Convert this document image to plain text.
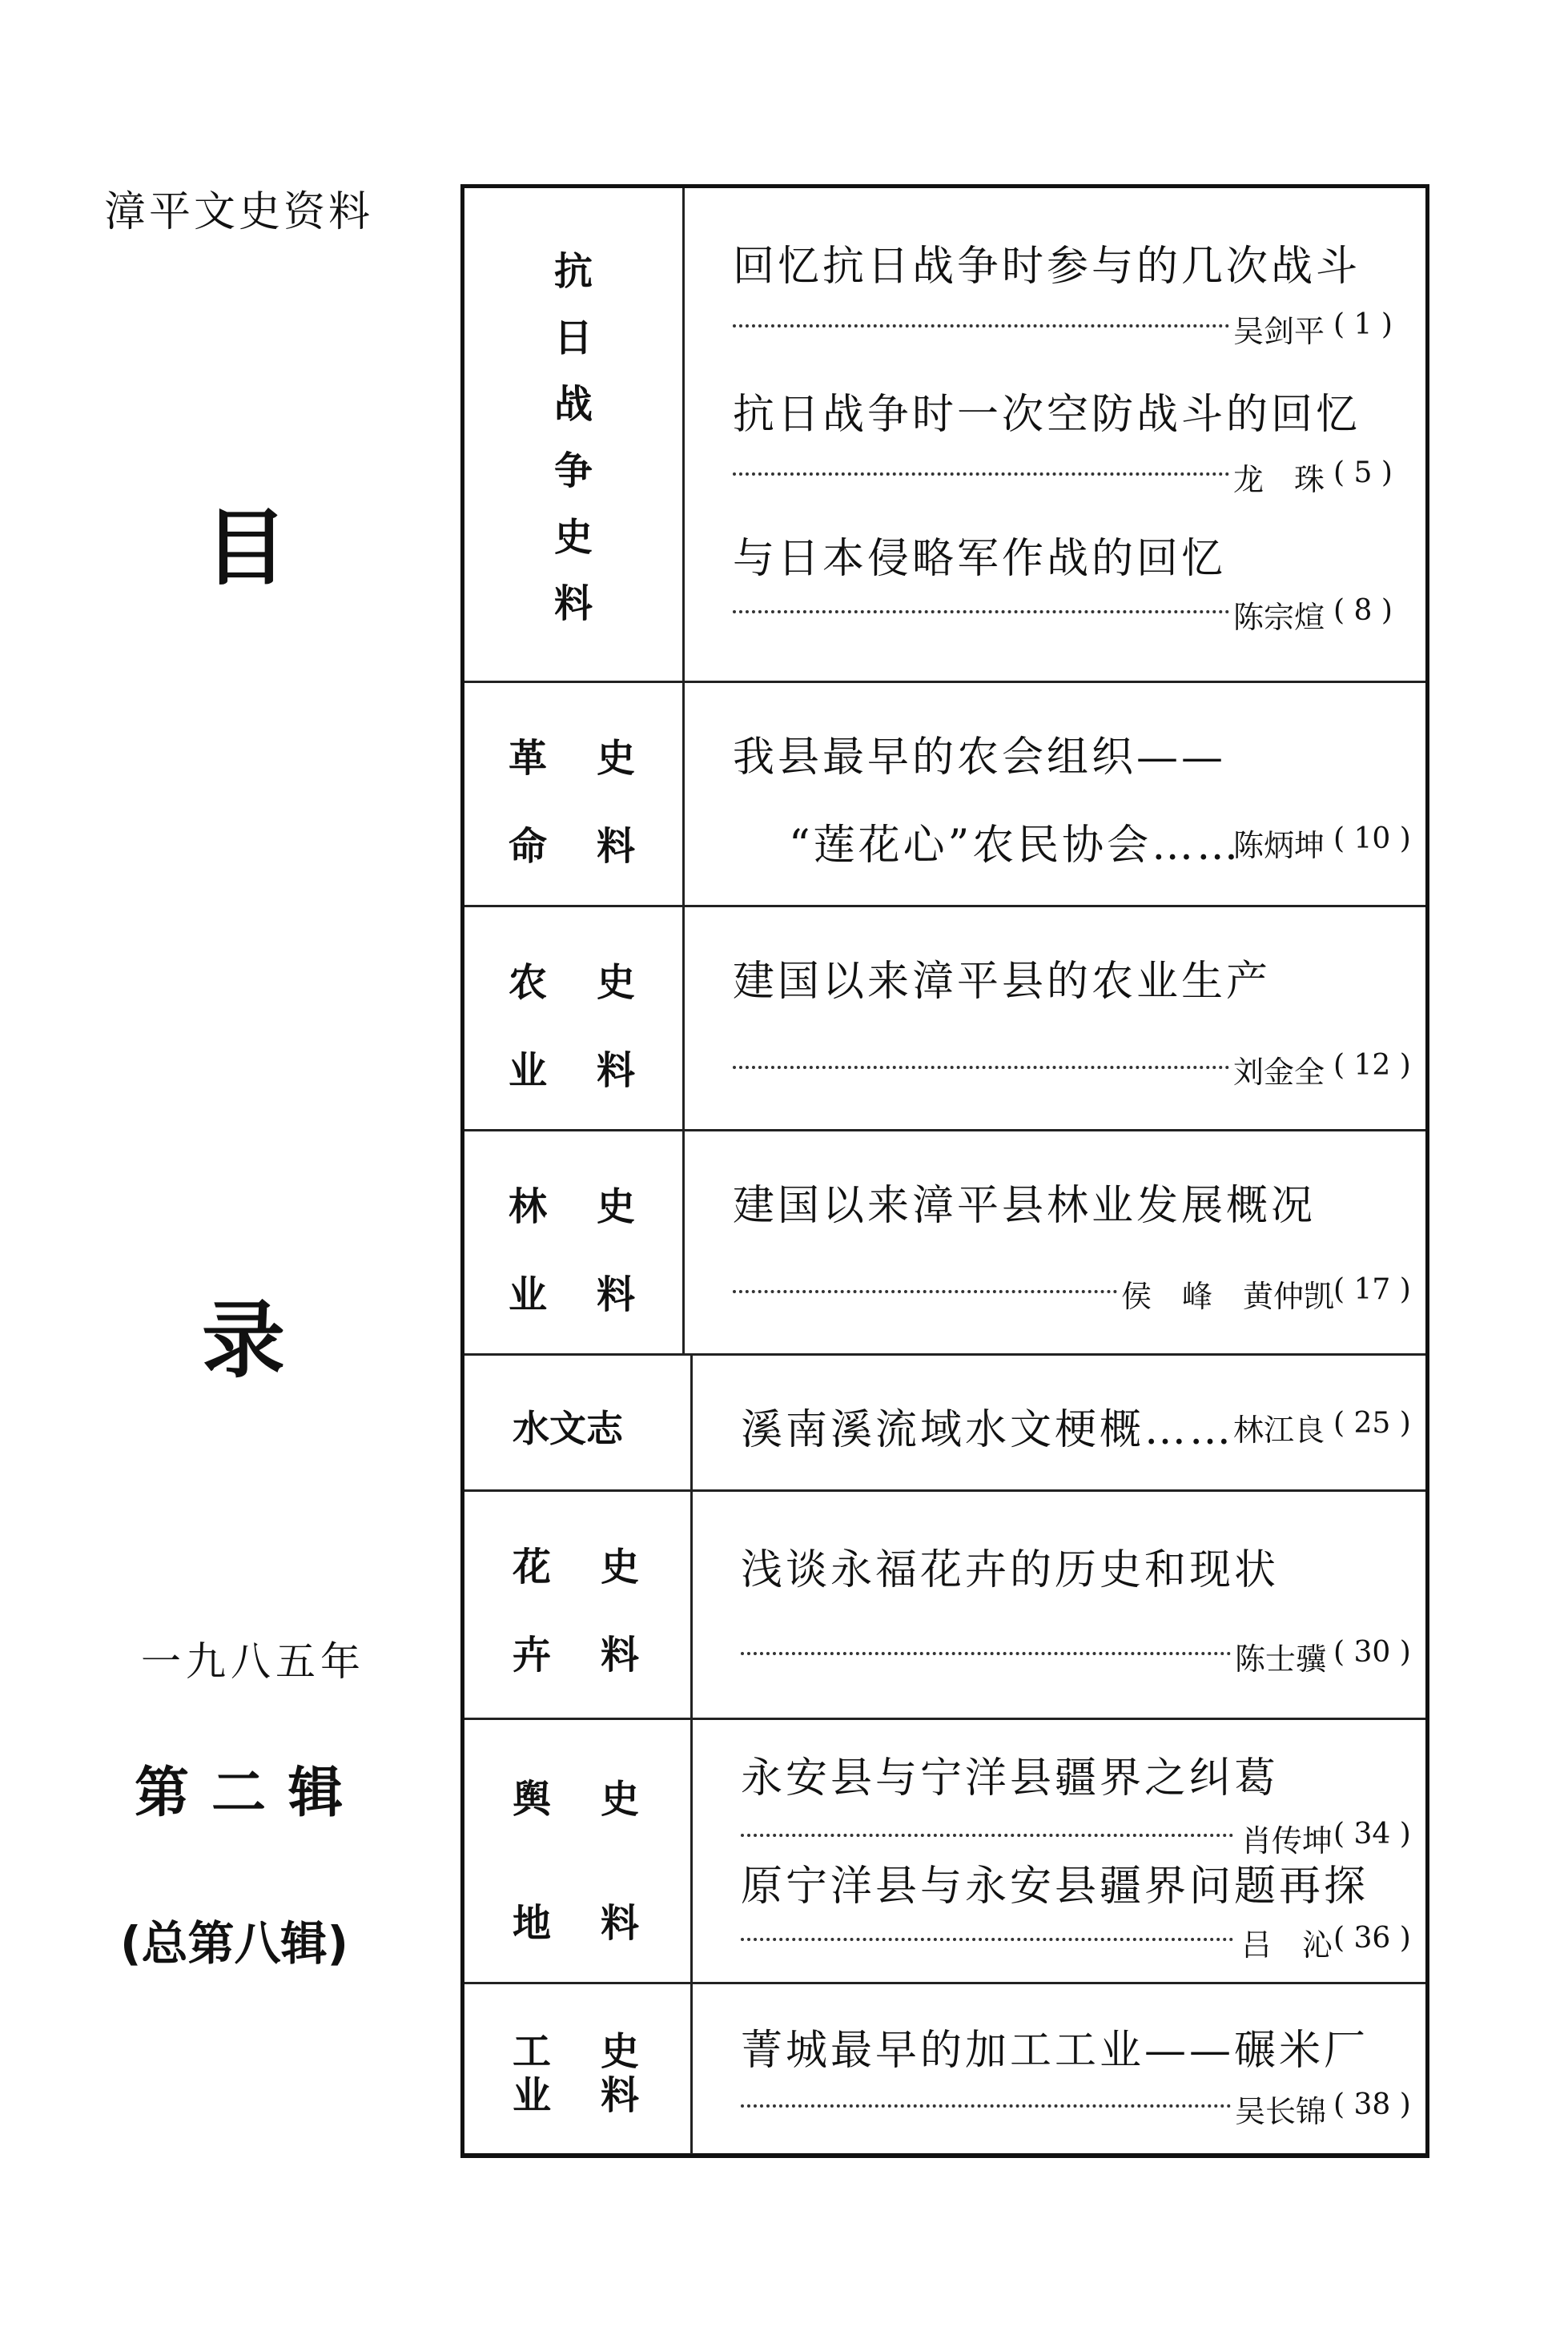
漳平文史资料
目
录
一九八五年
第二辑
(总第八辑)
抗
日
战
争
史
料
回忆抗日战争时参与的几次战斗
吴剑平 ( 1 )
抗日战争时一次空防战斗的回忆
龙　珠 ( 5 )
与日本侵略军作战的回忆
陈宗煊 ( 8 )
革 史
命 料
我县最早的农会组织——
“莲花心”农民协会……
陈炳坤 ( 10 )
农 史
业 料
建国以来漳平县的农业生产
刘金全 ( 12 )
林 史
业 料
建国以来漳平县林业发展概况
侯　峰　黄仲凯
( 17 )
水文志	溪南溪流域水文梗概……
林江良 ( 25 )
花 史
卉 料
浅谈永福花卉的历史和现状
陈士骥 ( 30 )
舆 史
地 料
永安县与宁洋县疆界之纠葛
肖传坤 ( 34 )
原宁洋县与永安县疆界问题再探
吕　沁 ( 36 )
工 史
业 料
菁城最早的加工工业——碾米厂
吴长锦 ( 38 )
